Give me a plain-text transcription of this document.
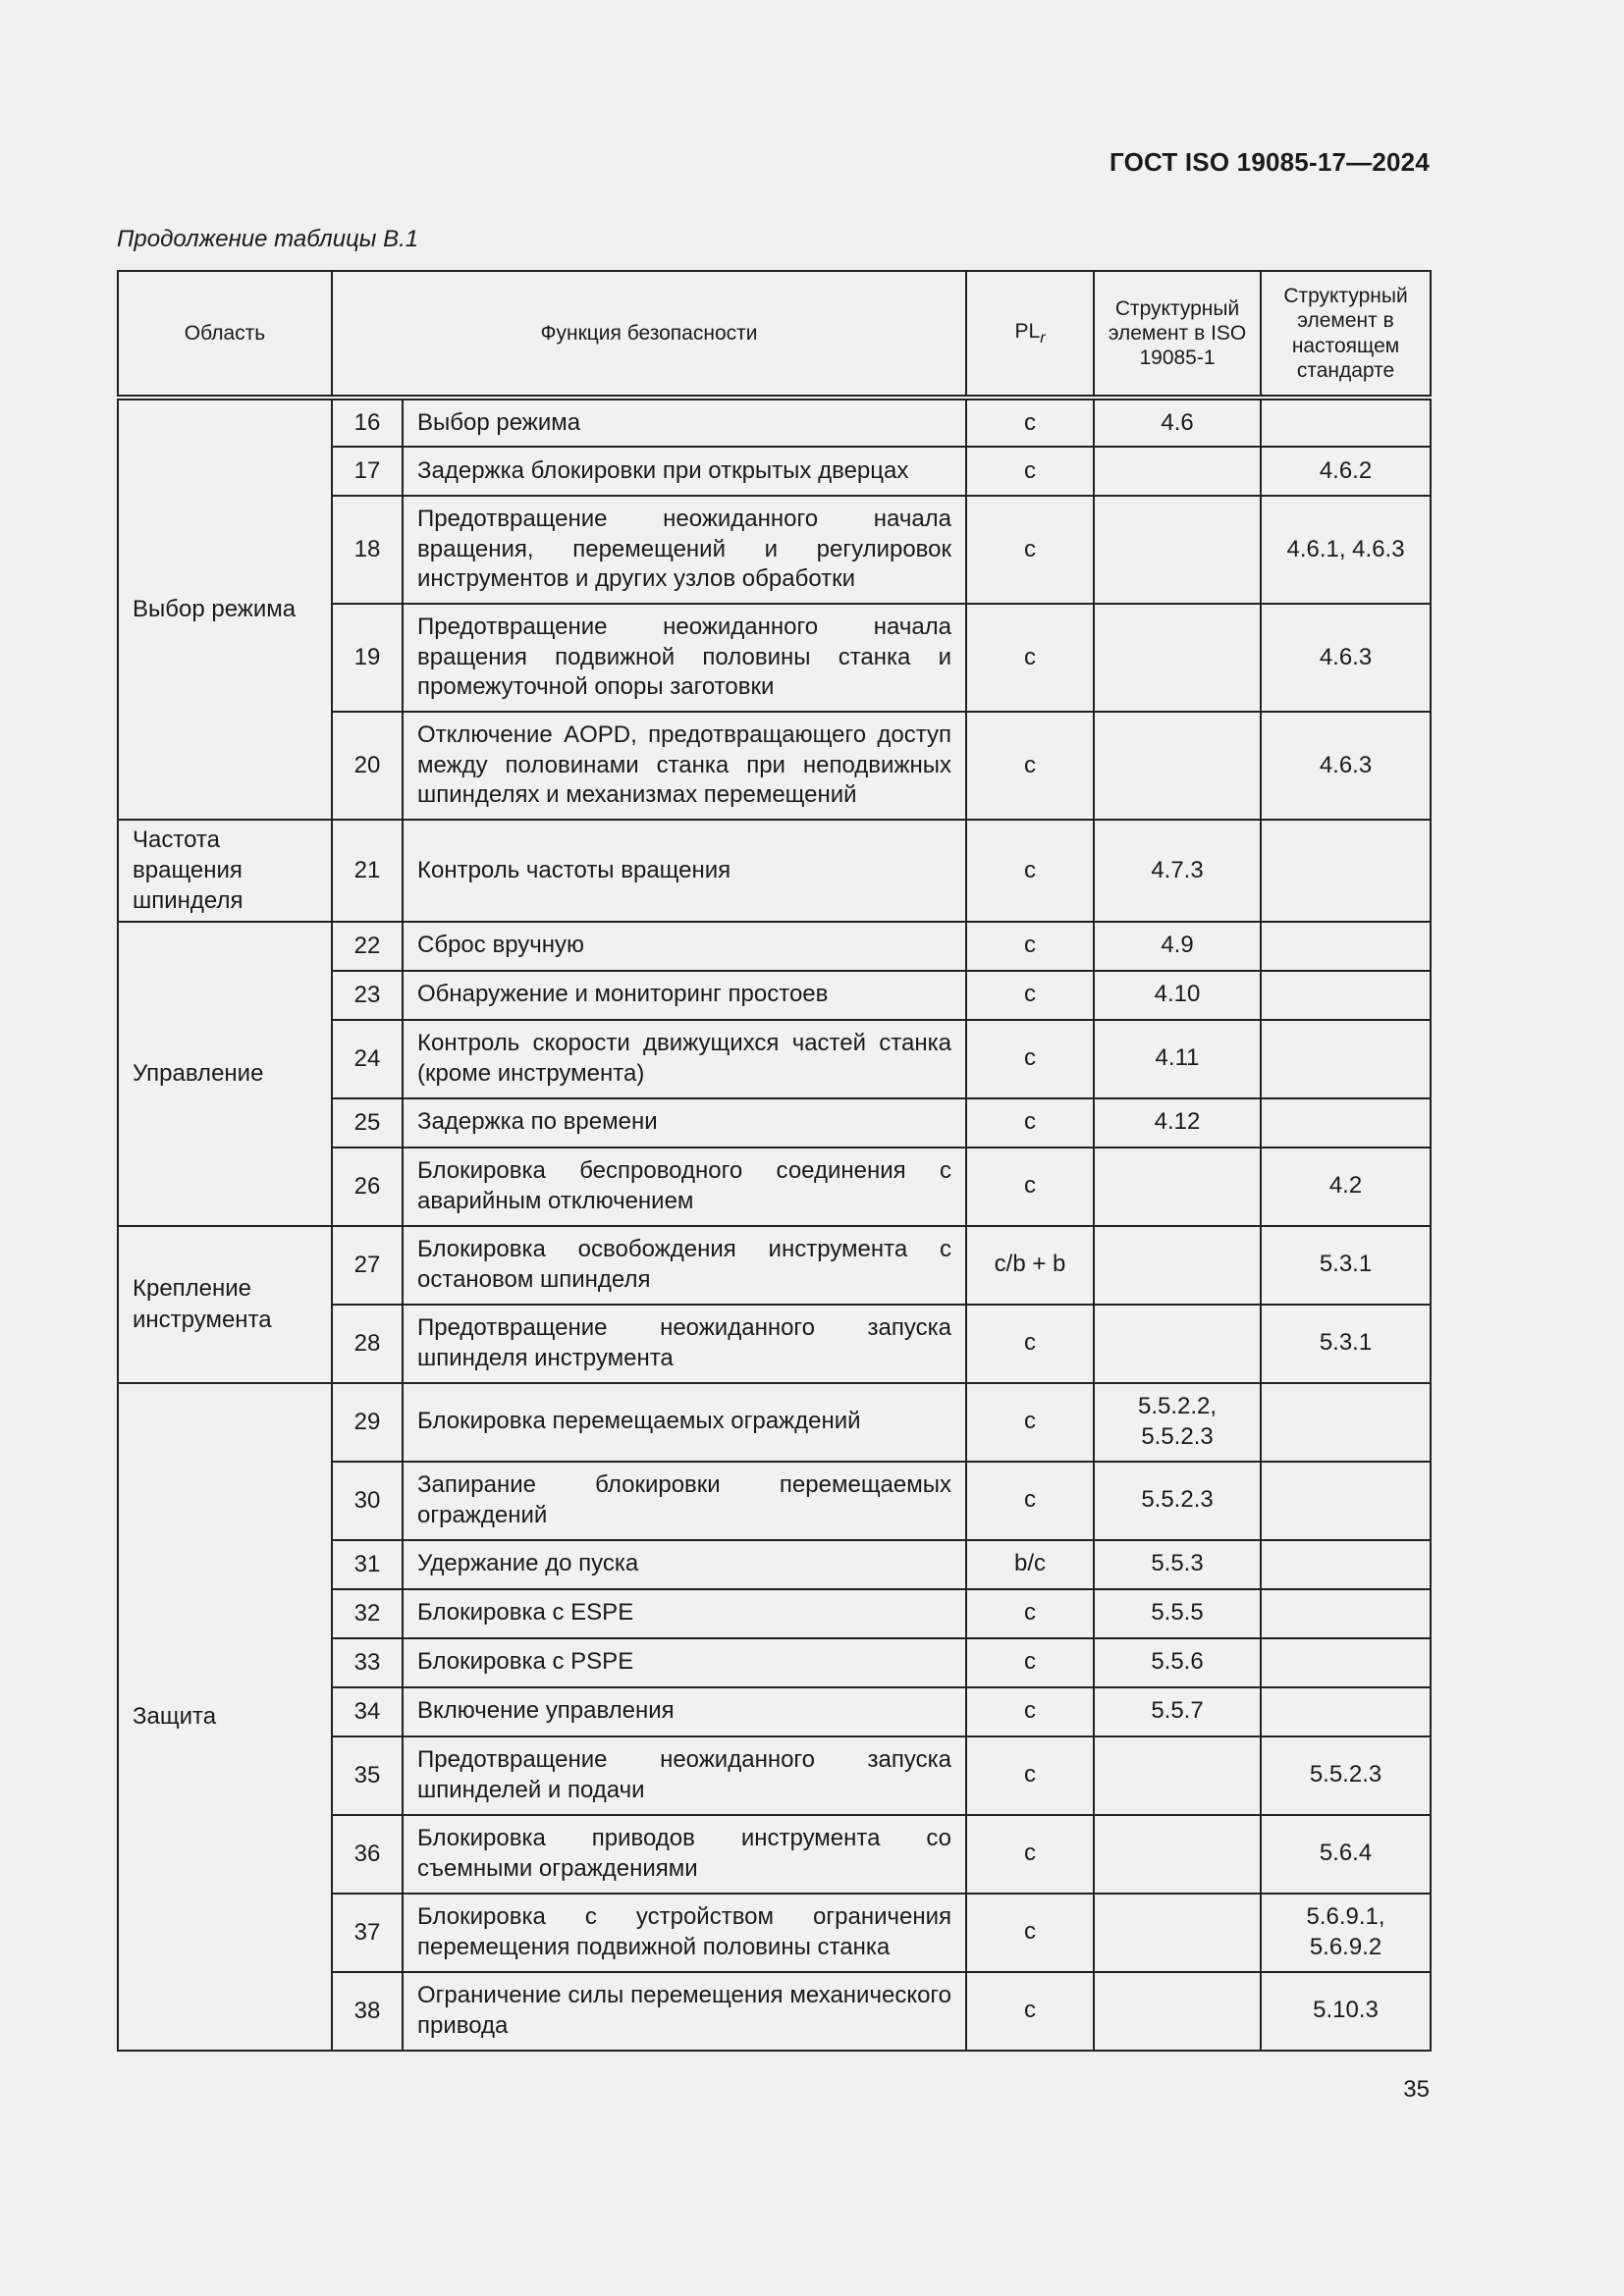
ГОСТ ISO 19085-17—2024
Продолжение таблицы В.1
Область	Функция безопасности		$PL_r$	Структурный элемент в ISO 19085-1	Структурный элемент в настоящем стандарте
Выбор режима	16	Выбор режима	c	4.6	
	17	Задержка блокировки при открытых дверцах	c		4.6.2
	18	Предотвращение неожиданного начала вращения, перемещений и регулировок инструментов и других узлов обработки	c		4.6.1, 4.6.3
	19	Предотвращение неожиданного начала вращения подвижной половины станка и промежуточной опоры заготовки	c		4.6.3
	20	Отключение AOPD, предотвращающего доступ между половинами станка при неподвижных шпинделях и механизмах перемещений	c		4.6.3
Частота вращения шпинделя	21	Контроль частоты вращения	c	4.7.3	
Управление	22	Сброс вручную	c	4.9	
	23	Обнаружение и мониторинг простоев	c	4.10	
	24	Контроль скорости движущихся частей станка (кроме инструмента)	c	4.11	
	25	Задержка по времени	c	4.12	
	26	Блокировка беспроводного соединения с аварийным отключением	c		4.2
Крепление инструмента	27	Блокировка освобождения инструмента с остановом шпинделя	c/b + b		5.3.1
	28	Предотвращение неожиданного запуска шпинделя инструмента	c		5.3.1
Защита	29	Блокировка перемещаемых ограждений	c	5.5.2.2, 5.5.2.3	
	30	Запирание блокировки перемещаемых ограждений	c	5.5.2.3	
	31	Удержание до пуска	b/c	5.5.3	
	32	Блокировка с ESPE	c	5.5.5	
	33	Блокировка с PSPE	c	5.5.6	
	34	Включение управления	c	5.5.7	
	35	Предотвращение неожиданного запуска шпинделей и подачи	c		5.5.2.3
	36	Блокировка приводов инструмента со съемными ограждениями	c		5.6.4
	37	Блокировка с устройством ограничения перемещения подвижной половины станка	c		5.6.9.1, 5.6.9.2
	38	Ограничение силы перемещения механического привода	c		5.10.3
35
